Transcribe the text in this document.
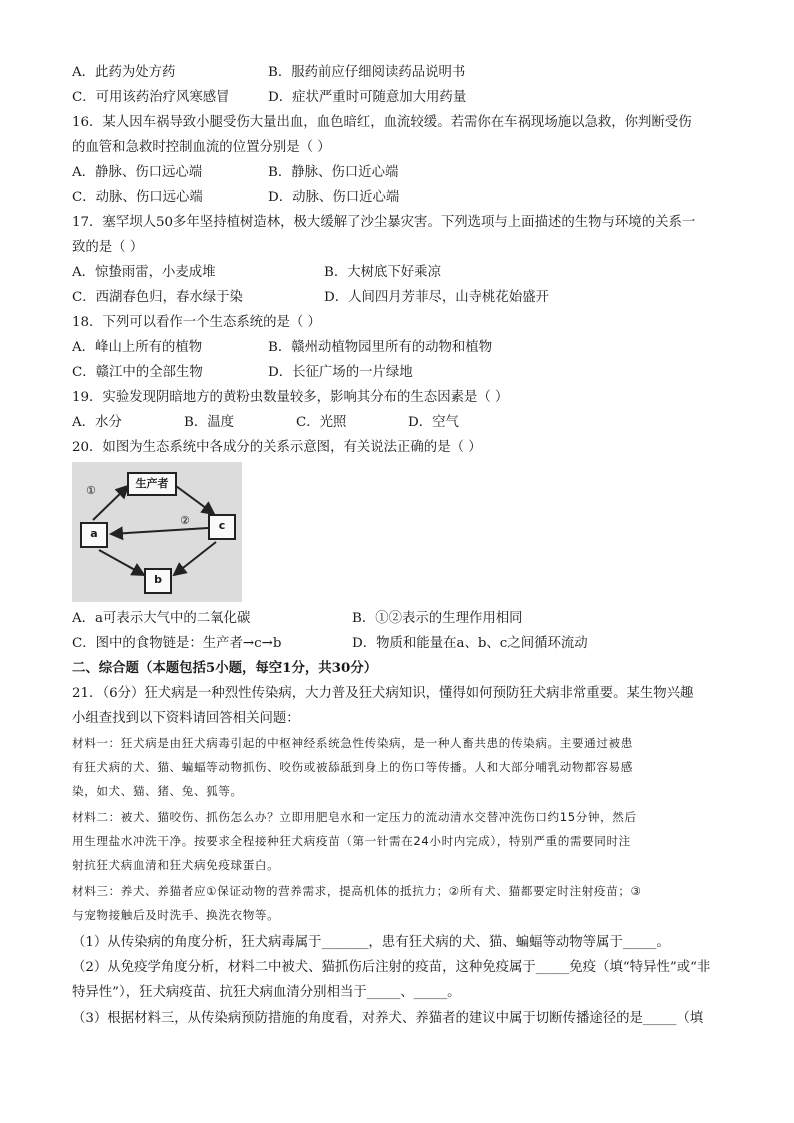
A．此药为处方药	B．服药前应仔细阅读药品说明书
C．可用该药治疗风寒感冒	D．症状严重时可随意加大用药量
16．某人因车祸导致小腿受伤大量出血，血色暗红，血流较缓。若需你在车祸现场施以急救，你判断受伤
的血管和急救时控制血流的位置分别是（ ）
A．静脉、伤口远心端	B．静脉、伤口近心端
C．动脉、伤口远心端	D．动脉、伤口近心端
17．塞罕坝人50多年坚持植树造林，极大缓解了沙尘暴灾害。下列选项与上面描述的生物与环境的关系一
致的是（ ）
A．惊蛰雨雷，小麦成堆	B．大树底下好乘凉
C．西湖春色归，春水绿于染	D．人间四月芳菲尽，山寺桃花始盛开
18．下列可以看作一个生态系统的是（ ）
A．峰山上所有的植物	B．赣州动植物园里所有的动物和植物
C．赣江中的全部生物	D．长征广场的一片绿地
19．实验发现阴暗地方的黄粉虫数量较多，影响其分布的生态因素是（ ）
A．水分	B．温度	C．光照	D．空气
20．如图为生态系统中各成分的关系示意图，有关说法正确的是（ ）
生产者
a
c
b
①
②
A．a可表示大气中的二氧化碳	B．①②表示的生理作用相同
C．图中的食物链是：生产者→c→b	D．物质和能量在a、b、c之间循环流动
二、综合题（本题包括5小题，每空1分，共30分）
21．（6分）狂犬病是一种烈性传染病，大力普及狂犬病知识，懂得如何预防狂犬病非常重要。某生物兴趣
小组查找到以下资料请回答相关问题：
材料一：狂犬病是由狂犬病毒引起的中枢神经系统急性传染病，是一种人畜共患的传染病。主要通过被患
有狂犬病的犬、猫、蝙蝠等动物抓伤、咬伤或被舔舐到身上的伤口等传播。人和大部分哺乳动物都容易感
染，如犬、猫、猪、兔、狐等。
材料二：被犬、猫咬伤、抓伤怎么办？立即用肥皂水和一定压力的流动清水交替冲洗伤口约15分钟，然后
用生理盐水冲洗干净。按要求全程接种狂犬病疫苗（第一针需在24小时内完成），特别严重的需要同时注
射抗狂犬病血清和狂犬病免疫球蛋白。
材料三：养犬、养猫者应①保证动物的营养需求，提高机体的抵抗力；②所有犬、猫都要定时注射疫苗；③
与宠物接触后及时洗手、换洗衣物等。
（1）从传染病的角度分析，狂犬病毒属于_______，患有狂犬病的犬、猫、蝙蝠等动物等属于_____。
（2）从免疫学角度分析，材料二中被犬、猫抓伤后注射的疫苗，这种免疫属于_____免疫（填“特异性”或“非
特异性”），狂犬病疫苗、抗狂犬病血清分别相当于_____、_____。
（3）根据材料三，从传染病预防措施的角度看，对养犬、养猫者的建议中属于切断传播途径的是_____（填
